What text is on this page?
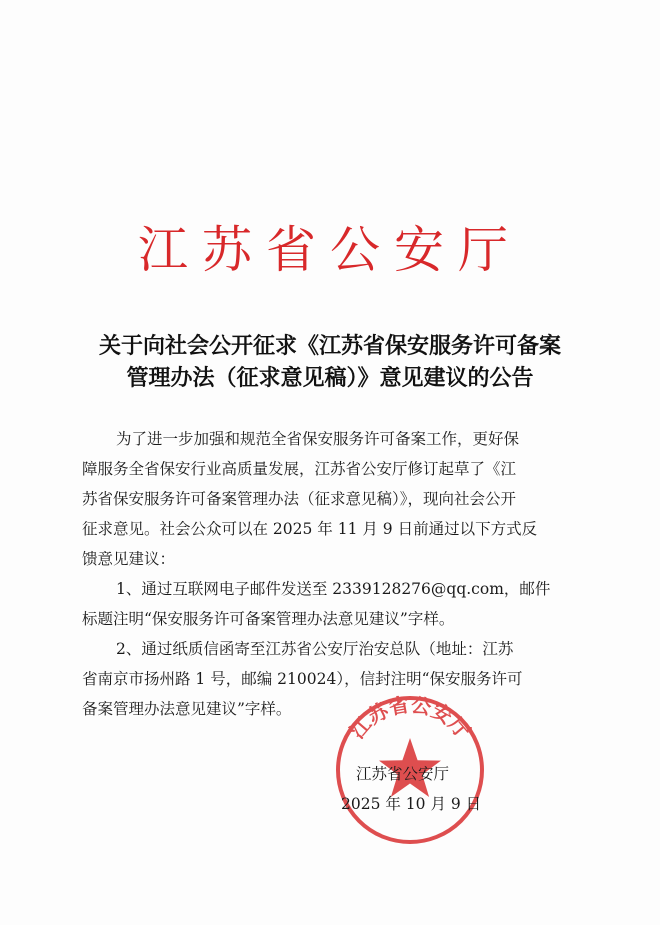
江苏省公安厅
关于向社会公开征求《江苏省保安服务许可备案
管理办法（征求意见稿）》意见建议的公告
为了进一步加强和规范全省保安服务许可备案工作，更好保
障服务全省保安行业高质量发展，江苏省公安厅修订起草了《江
苏省保安服务许可备案管理办法（征求意见稿）》，现向社会公开
征求意见。社会公众可以在 2025 年 11 月 9 日前通过以下方式反
馈意见建议：
1、通过互联网电子邮件发送至 2339128276@qq.com，邮件
标题注明“保安服务许可备案管理办法意见建议”字样。
2、通过纸质信函寄至江苏省公安厅治安总队（地址：江苏
省南京市扬州路 1 号，邮编 210024），信封注明“保安服务许可
备案管理办法意见建议”字样。
江苏省公安厅
江苏省公安厅
2025 年 10 月 9 日
